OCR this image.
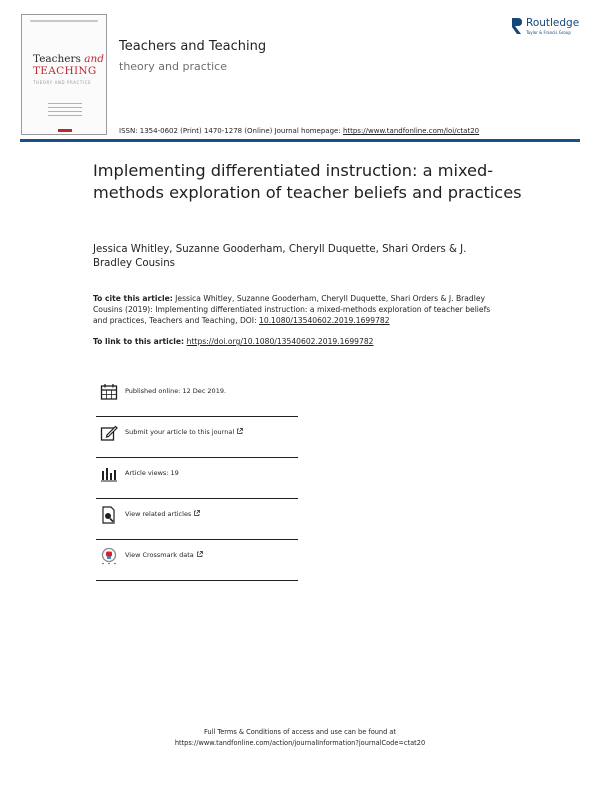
Teachers and
TEACHING
THEORY AND PRACTICE
Teachers and Teaching
theory and practice
Routledge
Taylor & Francis Group
ISSN: 1354-0602 (Print) 1470-1278 (Online) Journal homepage: https://www.tandfonline.com/loi/ctat20
Implementing differentiated instruction: a mixed-methods exploration of teacher beliefs and practices
Jessica Whitley, Suzanne Gooderham, Cheryll Duquette, Shari Orders & J. Bradley Cousins
To cite this article: Jessica Whitley, Suzanne Gooderham, Cheryll Duquette, Shari Orders & J. Bradley Cousins (2019): Implementing differentiated instruction: a mixed-methods exploration of teacher beliefs and practices, Teachers and Teaching, DOI: 10.1080/13540602.2019.1699782
To link to this article: https://doi.org/10.1080/13540602.2019.1699782
Published online: 12 Dec 2019.
Submit your article to this journal
Article views: 19
View related articles
View Crossmark data
Full Terms & Conditions of access and use can be found at
https://www.tandfonline.com/action/journalInformation?journalCode=ctat20
